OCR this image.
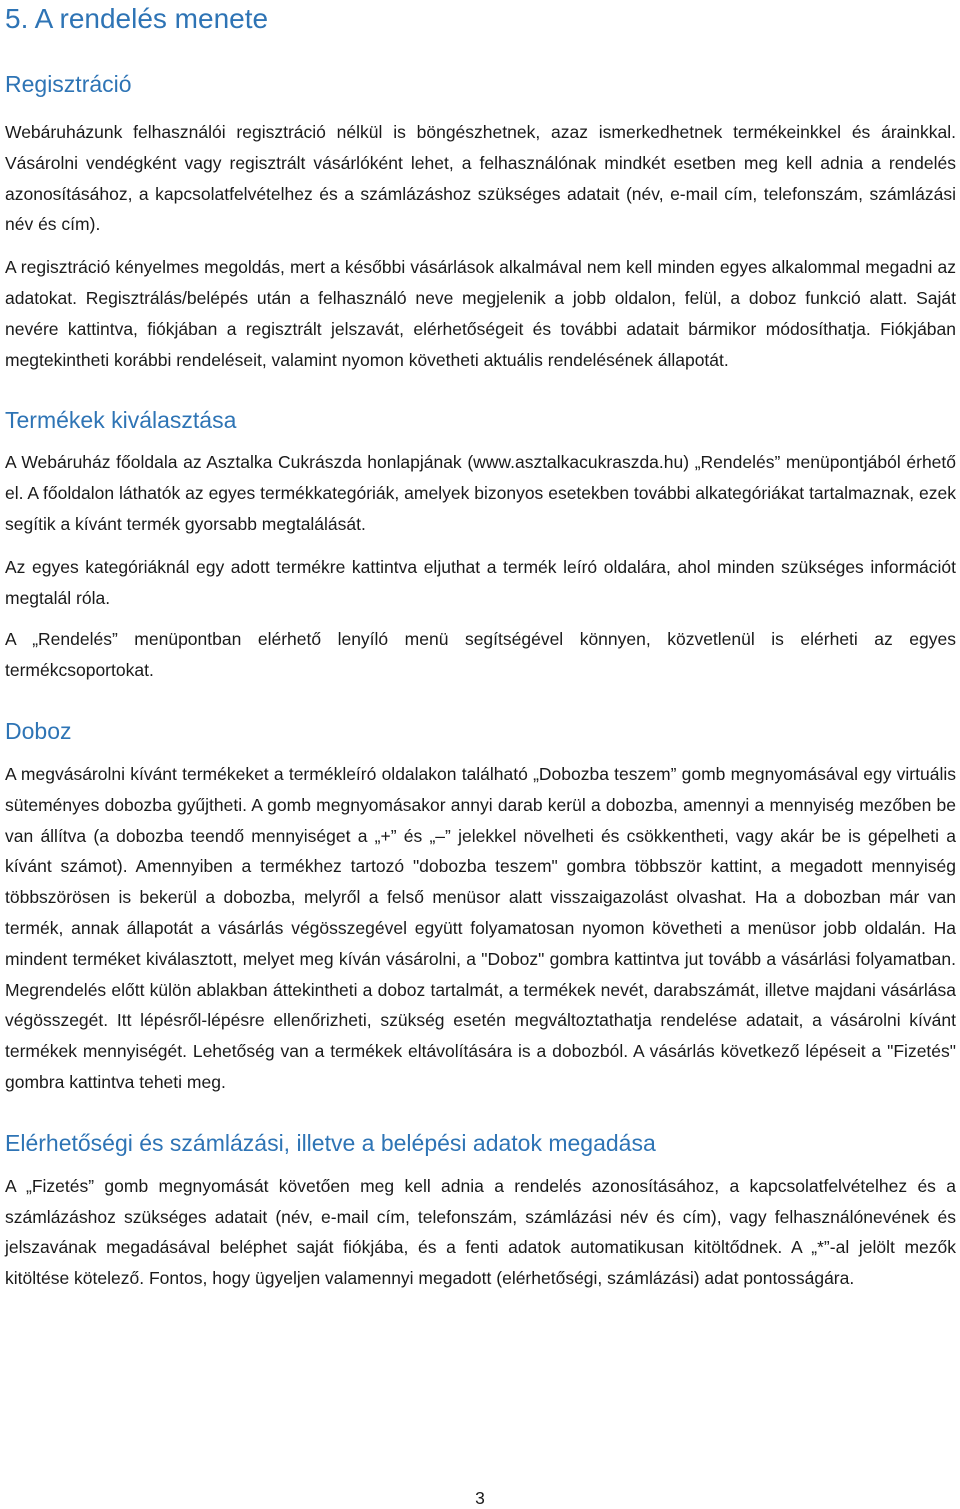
5. A rendelés menete
Regisztráció

Webáruházunk felhasználói regisztráció nélkül is böngészhetnek, azaz ismerkedhetnek termékeinkkel és árainkkal. Vásárolni vendégként vagy regisztrált vásárlóként lehet, a felhasználónak mindkét esetben meg kell adnia a rendelés azonosításához, a kapcsolatfelvételhez és a számlázáshoz szükséges adatait (név, e-mail cím, telefonszám, számlázási név és cím).

A regisztráció kényelmes megoldás, mert a későbbi vásárlások alkalmával nem kell minden egyes alkalommal megadni az adatokat. Regisztrálás/belépés után a felhasználó neve megjelenik a jobb oldalon, felül, a doboz funkció alatt. Saját nevére kattintva, fiókjában a regisztrált jelszavát, elérhetőségeit és további adatait bármikor módosíthatja. Fiókjában megtekintheti korábbi rendeléseit, valamint nyomon követheti aktuális rendelésének állapotát.

Termékek kiválasztása

A Webáruház főoldala az Asztalka Cukrászda honlapjának (www.asztalkacukraszda.hu) „Rendelés” menüpontjából érhető el. A főoldalon láthatók az egyes termékkategóriák, amelyek bizonyos esetekben további alkategóriákat tartalmaznak, ezek segítik a kívánt termék gyorsabb megtalálását.

Az egyes kategóriáknál egy adott termékre kattintva eljuthat a termék leíró oldalára, ahol minden szükséges információt megtalál róla.

A „Rendelés” menüpontban elérhető lenyíló menü segítségével könnyen, közvetlenül is elérheti az egyes termékcsoportokat.

Doboz

A megvásárolni kívánt termékeket a termékleíró oldalakon található „Dobozba teszem” gomb megnyomásával egy virtuális süteményes dobozba gyűjtheti. A gomb megnyomásakor annyi darab kerül a dobozba, amennyi a mennyiség mezőben be van állítva (a dobozba teendő mennyiséget a „+” és „–” jelekkel növelheti és csökkentheti, vagy akár be is gépelheti a kívánt számot). Amennyiben a termékhez tartozó "dobozba teszem" gombra többször kattint, a megadott mennyiség többszörösen is bekerül a dobozba, melyről a felső menüsor alatt visszaigazolást olvashat. Ha a dobozban már van termék, annak állapotát a vásárlás végösszegével együtt folyamatosan nyomon követheti a menüsor jobb oldalán. Ha mindent terméket kiválasztott, melyet meg kíván vásárolni, a "Doboz" gombra kattintva jut tovább a vásárlási folyamatban. Megrendelés előtt külön ablakban áttekintheti a doboz tartalmát, a termékek nevét, darabszámát, illetve majdani vásárlása végösszegét. Itt lépésről-lépésre ellenőrizheti, szükség esetén megváltoztathatja rendelése adatait, a vásárolni kívánt termékek mennyiségét. Lehetőség van a termékek eltávolítására is a dobozból. A vásárlás következő lépéseit a "Fizetés" gombra kattintva teheti meg.

Elérhetőségi és számlázási, illetve a belépési adatok megadása

A „Fizetés” gomb megnyomását követően meg kell adnia a rendelés azonosításához, a kapcsolatfelvételhez és a számlázáshoz szükséges adatait (név, e-mail cím, telefonszám, számlázási név és cím), vagy felhasználónevének és jelszavának megadásával beléphet saját fiókjába, és a fenti adatok automatikusan kitöltődnek. A „*”-al jelölt mezők kitöltése kötelező. Fontos, hogy ügyeljen valamennyi megadott (elérhetőségi, számlázási) adat pontosságára.

3
